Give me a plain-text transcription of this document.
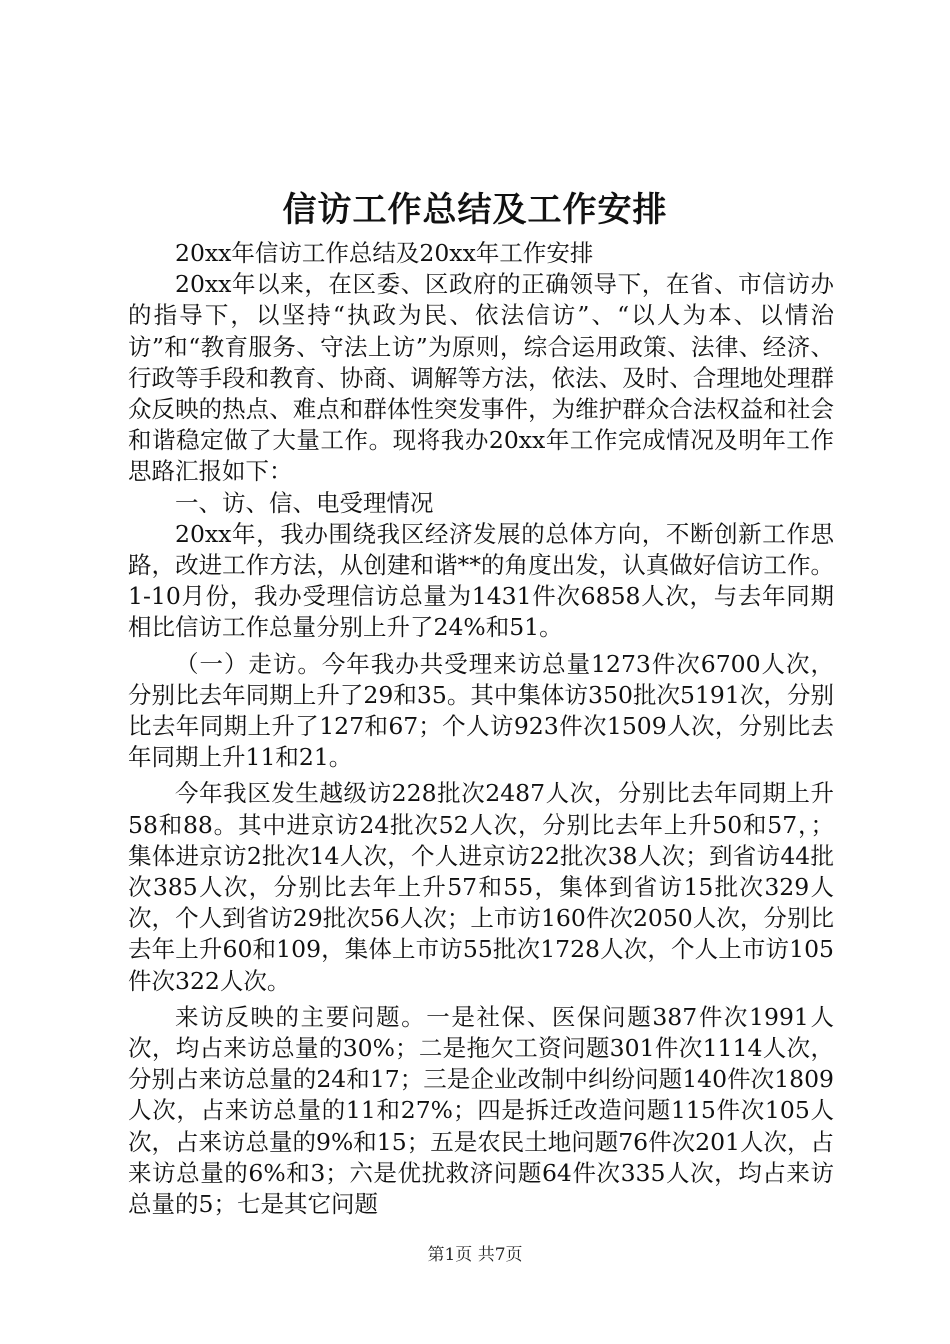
信访工作总结及工作安排

20xx年信访工作总结及20xx年工作安排

20xx年以来，在区委、区政府的正确领导下，在省、市信访办的指导下，以坚持“执政为民、依法信访”、“以人为本、以情治访”和“教育服务、守法上访”为原则，综合运用政策、法律、经济、行政等手段和教育、协商、调解等方法，依法、及时、合理地处理群众反映的热点、难点和群体性突发事件，为维护群众合法权益和社会和谐稳定做了大量工作。现将我办20xx年工作完成情况及明年工作思路汇报如下：

一、访、信、电受理情况

20xx年，我办围绕我区经济发展的总体方向，不断创新工作思路，改进工作方法，从创建和谐**的角度出发，认真做好信访工作。1-10月份，我办受理信访总量为1431件次6858人次，与去年同期相比信访工作总量分别上升了24%和51。

（一）走访。今年我办共受理来访总量1273件次6700人次，分别比去年同期上升了29和35。其中集体访350批次5191次，分别比去年同期上升了127和67；个人访923件次1509人次，分别比去年同期上升11和21。

今年我区发生越级访228批次2487人次，分别比去年同期上升58和88。其中进京访24批次52人次，分别比去年上升50和57，；集体进京访2批次14人次，个人进京访22批次38人次；到省访44批次385人次，分别比去年上升57和55，集体到省访15批次329人次，个人到省访29批次56人次；上市访160件次2050人次，分别比去年上升60和109，集体上市访55批次1728人次，个人上市访105件次322人次。

来访反映的主要问题。一是社保、医保问题387件次1991人次，均占来访总量的30%；二是拖欠工资问题301件次1114人次，分别占来访总量的24和17；三是企业改制中纠纷问题140件次1809人次，占来访总量的11和27%；四是拆迁改造问题115件次105人次，占来访总量的9%和15；五是农民土地问题76件次201人次，占来访总量的6%和3；六是优扰救济问题64件次335人次，均占来访总量的5；七是其它问题

第1页 共7页
